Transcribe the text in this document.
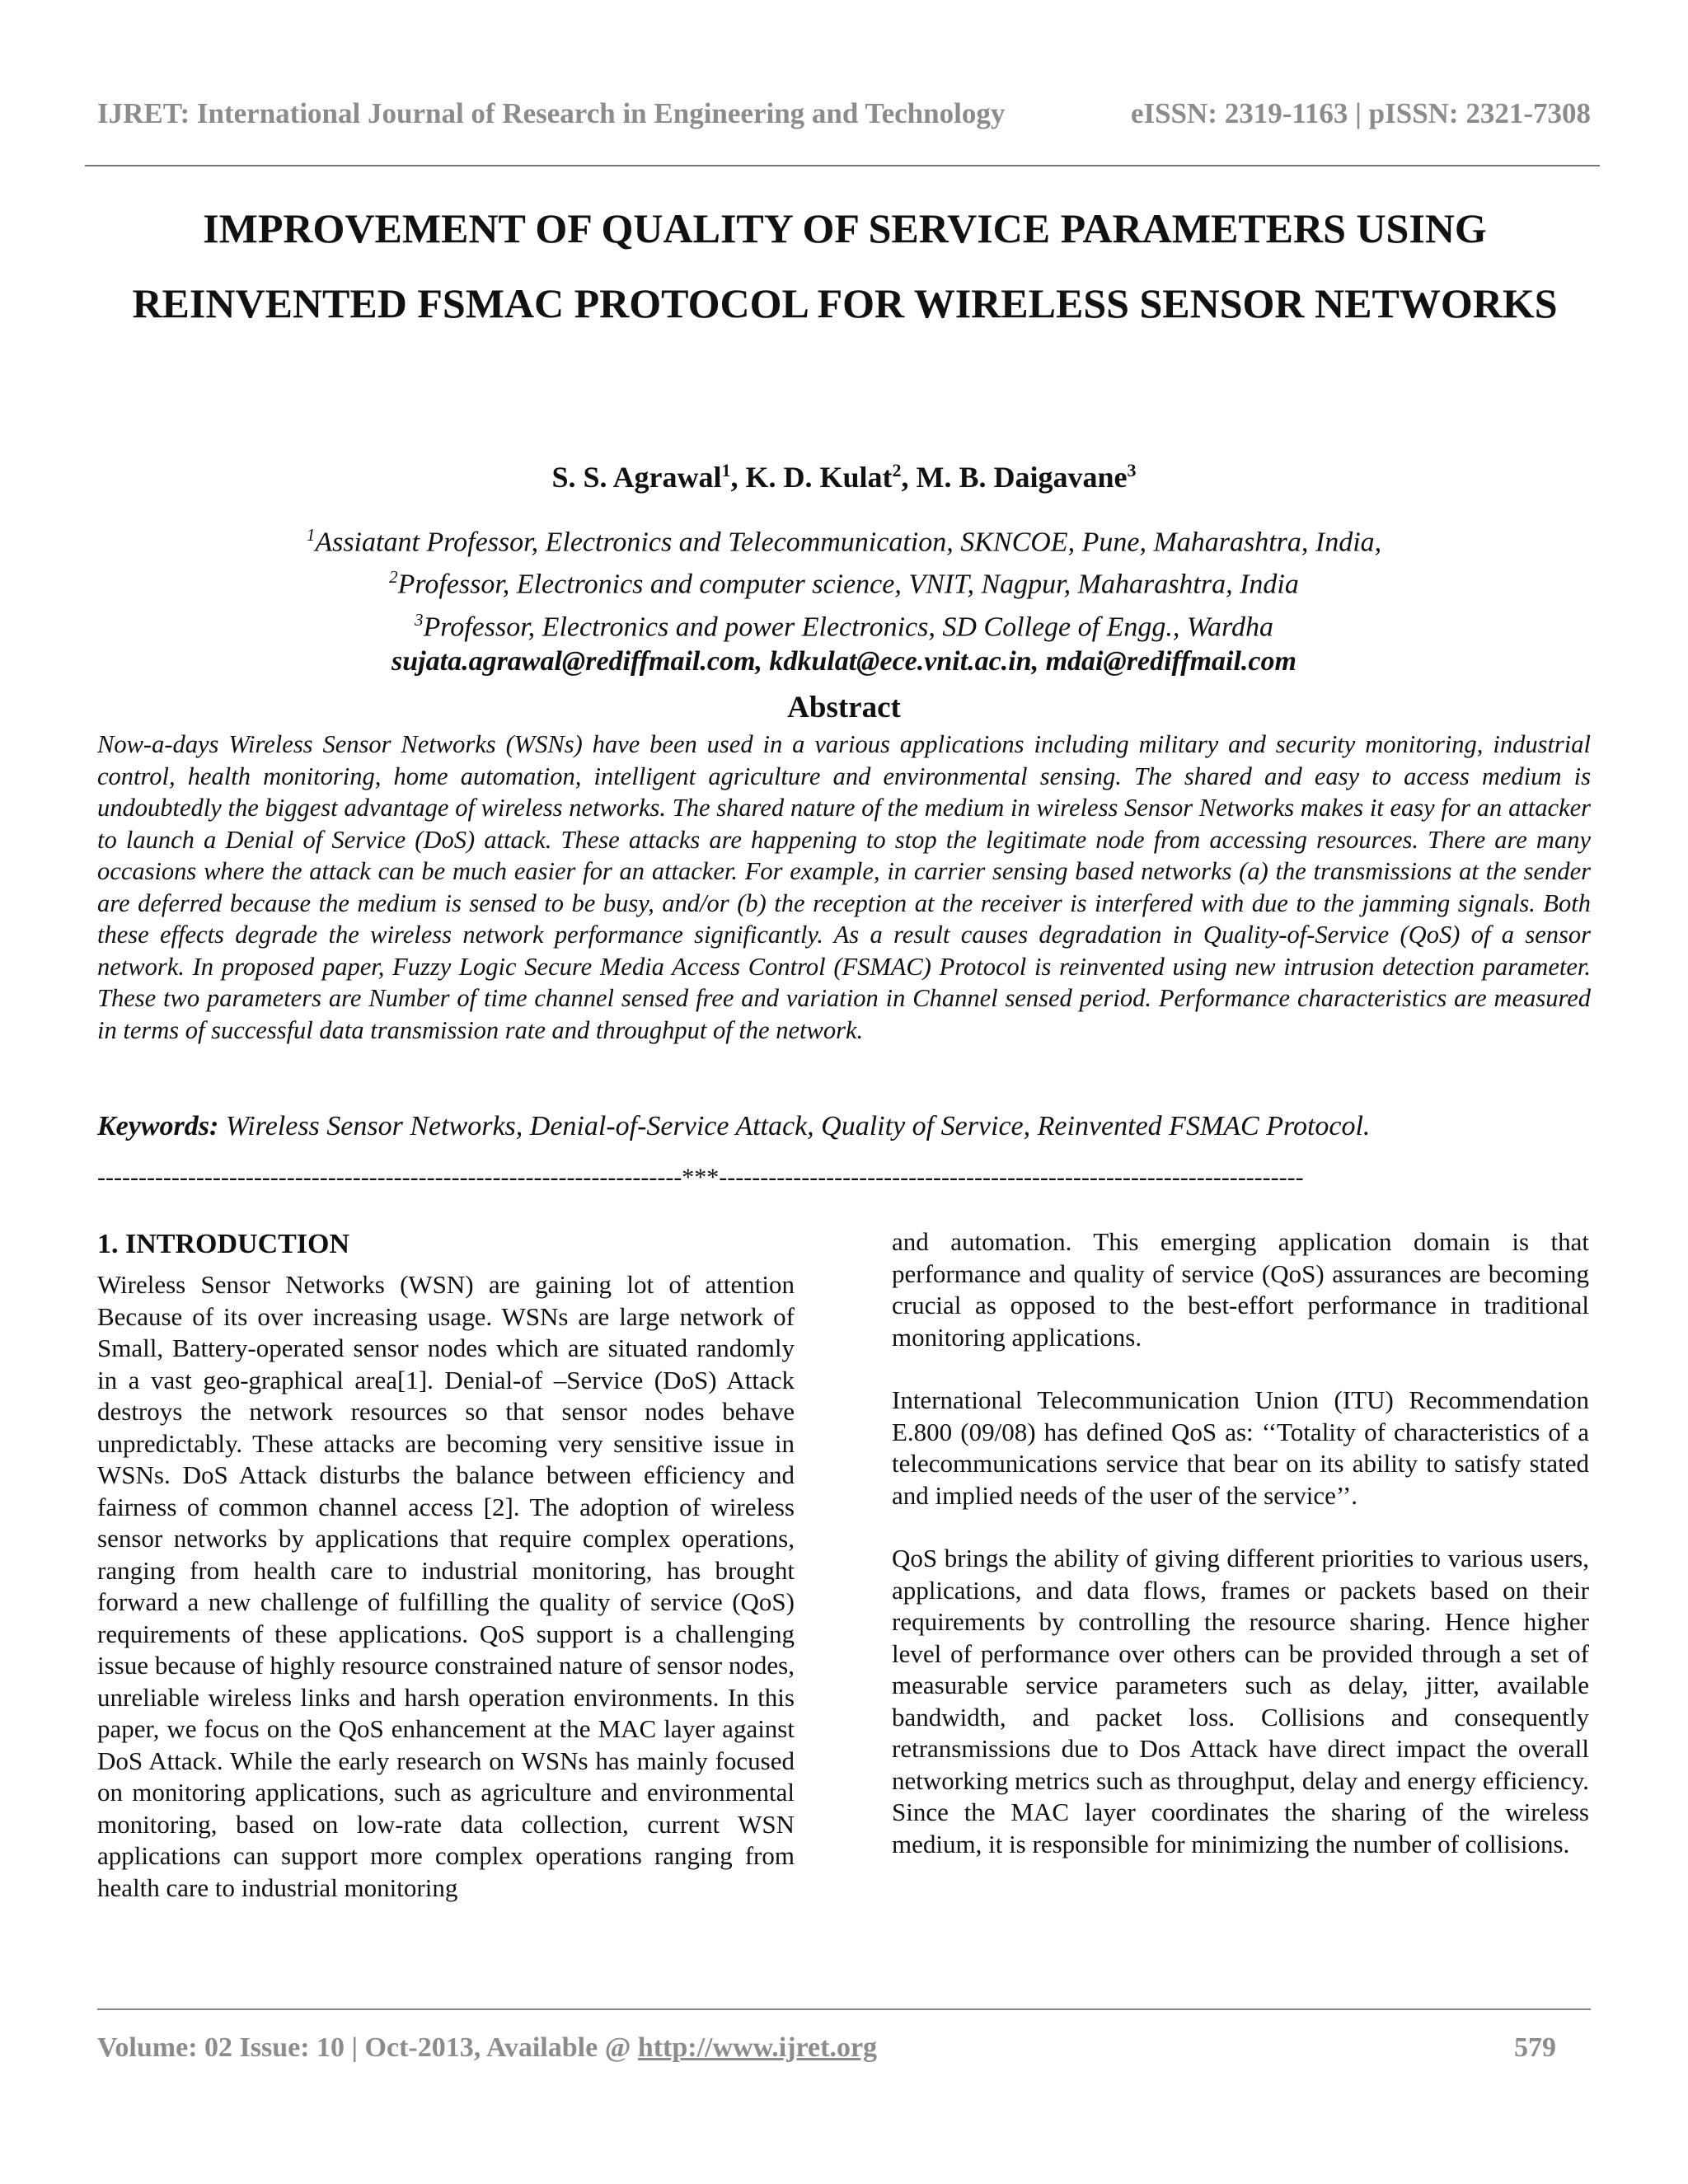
IJRET: International Journal of Research in Engineering and Technology	eISSN: 2319-1163 | pISSN: 2321-7308
IMPROVEMENT OF QUALITY OF SERVICE PARAMETERS USING REINVENTED FSMAC PROTOCOL FOR WIRELESS SENSOR NETWORKS
S. S. Agrawal$^1$, K. D. Kulat$^2$, M. B. Daigavane$^3$
$^1$Assiatant Professor, Electronics and Telecommunication, SKNCOE, Pune, Maharashtra, India,
$^2$Professor, Electronics and computer science, VNIT, Nagpur, Maharashtra, India
$^3$Professor, Electronics and power Electronics, SD College of Engg., Wardha
sujata.agrawal@rediffmail.com, kdkulat@ece.vnit.ac.in, mdai@rediffmail.com
Abstract
Now-a-days Wireless Sensor Networks (WSNs) have been used in a various applications including military and security monitoring, industrial control, health monitoring, home automation, intelligent agriculture and environmental sensing. The shared and easy to access medium is undoubtedly the biggest advantage of wireless networks. The shared nature of the medium in wireless Sensor Networks makes it easy for an attacker to launch a Denial of Service (DoS) attack. These attacks are happening to stop the legitimate node from accessing resources. There are many occasions where the attack can be much easier for an attacker. For example, in carrier sensing based networks (a) the transmissions at the sender are deferred because the medium is sensed to be busy, and/or (b) the reception at the receiver is interfered with due to the jamming signals. Both these effects degrade the wireless network performance significantly. As a result causes degradation in Quality-of-Service (QoS) of a sensor network. In proposed paper, Fuzzy Logic Secure Media Access Control (FSMAC) Protocol is reinvented using new intrusion detection parameter. These two parameters are Number of time channel sensed free and variation in Channel sensed period. Performance characteristics are measured in terms of successful data transmission rate and throughput of the network.
Keywords: Wireless Sensor Networks, Denial-of-Service Attack, Quality of Service, Reinvented FSMAC Protocol.
-----------------------------------------------------------------------***-----------------------------------------------------------------------
1. INTRODUCTION

Wireless Sensor Networks (WSN) are gaining lot of attention Because of its over increasing usage. WSNs are large network of Small, Battery-operated sensor nodes which are situated randomly in a vast geo-graphical area[1]. Denial-of –Service (DoS) Attack destroys the network resources so that sensor nodes behave unpredictably. These attacks are becoming very sensitive issue in WSNs. DoS Attack disturbs the balance between efficiency and fairness of common channel access [2]. The adoption of wireless sensor networks by applications that require complex operations, ranging from health care to industrial monitoring, has brought forward a new challenge of fulfilling the quality of service (QoS) requirements of these applications. QoS support is a challenging issue because of highly resource constrained nature of sensor nodes, unreliable wireless links and harsh operation environments. In this paper, we focus on the QoS enhancement at the MAC layer against DoS Attack. While the early research on WSNs has mainly focused on monitoring applications, such as agriculture and environmental monitoring, based on low-rate data collection, current WSN applications can support more complex operations ranging from health care to industrial monitoring

and automation. This emerging application domain is that performance and quality of service (QoS) assurances are becoming crucial as opposed to the best-effort performance in traditional monitoring applications.

International Telecommunication Union (ITU) Recommendation E.800 (09/08) has defined QoS as: ‘‘Totality of characteristics of a telecommunications service that bear on its ability to satisfy stated and implied needs of the user of the service’’.

QoS brings the ability of giving different priorities to various users, applications, and data flows, frames or packets based on their requirements by controlling the resource sharing. Hence higher level of performance over others can be provided through a set of measurable service parameters such as delay, jitter, available bandwidth, and packet loss. Collisions and consequently retransmissions due to Dos Attack have direct impact the overall networking metrics such as throughput, delay and energy efficiency. Since the MAC layer coordinates the sharing of the wireless medium, it is responsible for minimizing the number of collisions.

Volume: 02 Issue: 10 | Oct-2013, Available @ http://www.ijret.org	579
